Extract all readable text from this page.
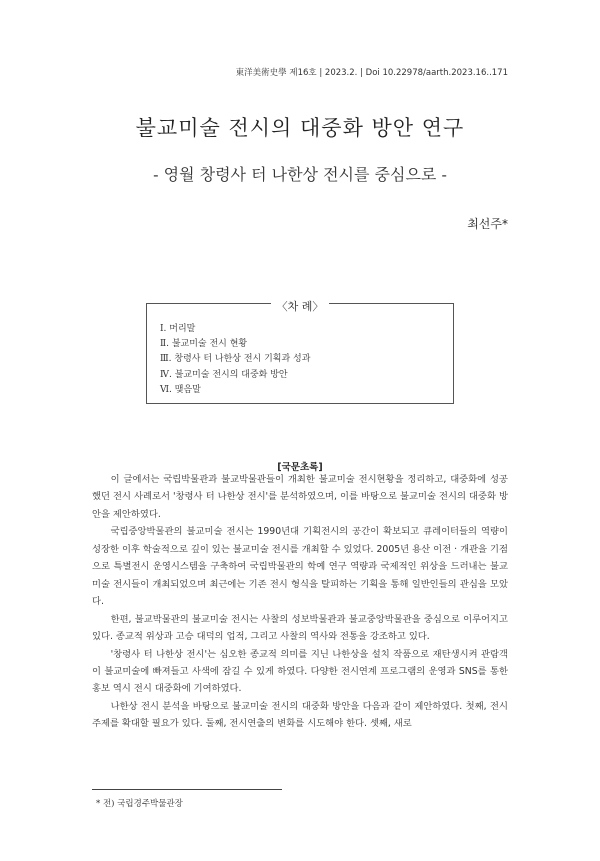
東洋美術史學 제16호 | 2023.2. | Doi 10.22978/aarth.2023.16..171
불교미술 전시의 대중화 방안 연구
- 영월 창령사 터 나한상 전시를 중심으로 -
최선주*
〈차 례〉
Ⅰ. 머리말
Ⅱ. 불교미술 전시 현황
Ⅲ. 창령사 터 나한상 전시 기획과 성과
Ⅳ. 불교미술 전시의 대중화 방안
Ⅵ. 맺음말
[국문초록]

이 글에서는 국립박물관과 불교박물관들이 개최한 불교미술 전시현황을 정리하고, 대중화에 성공했던 전시 사례로서 '창령사 터 나한상 전시'를 분석하였으며, 이를 바탕으로 불교미술 전시의 대중화 방안을 제안하였다.

국립중앙박물관의 불교미술 전시는 1990년대 기획전시의 공간이 확보되고 큐레이터들의 역량이 성장한 이후 학술적으로 깊이 있는 불교미술 전시를 개최할 수 있었다. 2005년 용산 이전 · 개관을 기점으로 특별전시 운영시스템을 구축하여 국립박물관의 학예 연구 역량과 국제적인 위상을 드러내는 불교미술 전시들이 개최되었으며 최근에는 기존 전시 형식을 탈피하는 기획을 통해 일반인들의 관심을 모았다.

한편, 불교박물관의 불교미술 전시는 사찰의 성보박물관과 불교중앙박물관을 중심으로 이루어지고 있다. 종교적 위상과 고승 대덕의 업적, 그리고 사찰의 역사와 전통을 강조하고 있다.

'창령사 터 나한상 전시'는 심오한 종교적 의미를 지닌 나한상을 설치 작품으로 재탄생시켜 관람객이 불교미술에 빠져들고 사색에 잠길 수 있게 하였다. 다양한 전시연계 프로그램의 운영과 SNS를 통한 홍보 역시 전시 대중화에 기여하였다.

나한상 전시 분석을 바탕으로 불교미술 전시의 대중화 방안을 다음과 같이 제안하였다. 첫째, 전시 주제를 확대할 필요가 있다. 둘째, 전시연출의 변화를 시도해야 한다. 셋째, 새로

* 전) 국립경주박물관장
